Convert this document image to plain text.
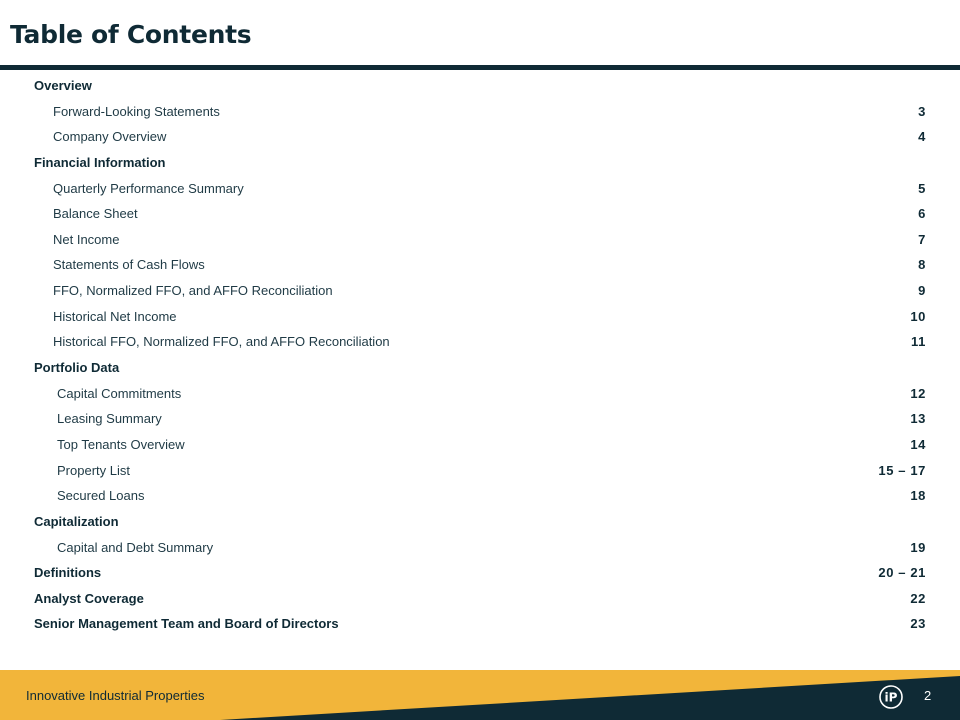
Table of Contents
Overview
Forward-Looking Statements	3
Company Overview	4
Financial Information
Quarterly Performance Summary	5
Balance Sheet	6
Net Income	7
Statements of Cash Flows	8
FFO, Normalized FFO, and AFFO Reconciliation	9
Historical Net Income	10
Historical FFO, Normalized FFO, and AFFO Reconciliation	11
Portfolio Data
Capital Commitments	12
Leasing Summary	13
Top Tenants Overview	14
Property List	15 – 17
Secured Loans	18
Capitalization
Capital and Debt Summary	19
Definitions	20 – 21
Analyst Coverage	22
Senior Management Team and Board of Directors	23
Innovative Industrial Properties	iP 2
